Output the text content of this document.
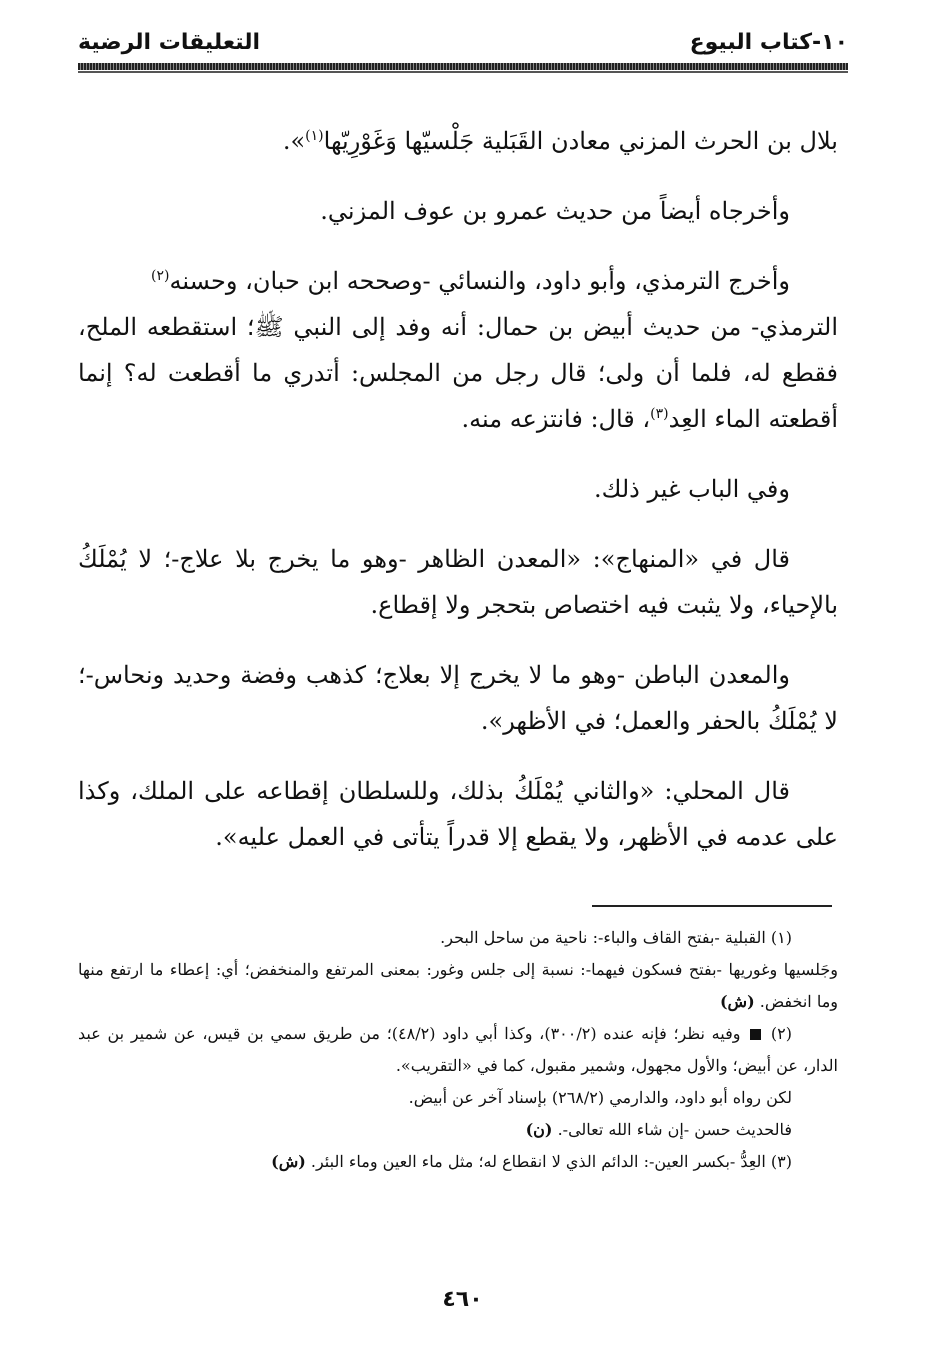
١٠-كتاب البيوع
التعليقات الرضية

بلال بن الحرث المزني معادن القَبَلية جَلْسيّها وَغَوْرِيّها$^{(١)}$».

وأخرجاه أيضاً من حديث عمرو بن عوف المزني.

وأخرج الترمذي، وأبو داود، والنسائي -وصححه ابن حبان، وحسنه$^{(٢)}$

الترمذي- من حديث أبيض بن حمال: أنه وفد إلى النبي ﷺ؛ استقطعه الملح، فقطع له، فلما أن ولى؛ قال رجل من المجلس: أتدري ما أقطعت له؟ إنما أقطعته الماء العِد$^{(٣)}$، قال: فانتزعه منه.

وفي الباب غير ذلك.

قال في «المنهاج»: «المعدن الظاهر -وهو ما يخرج بلا علاج-؛ لا يُمْلَكُ بالإحياء، ولا يثبت فيه اختصاص بتحجر ولا إقطاع.

والمعدن الباطن -وهو ما لا يخرج إلا بعلاج؛ كذهب وفضة وحديد ونحاس-؛ لا يُمْلَكُ بالحفر والعمل؛ في الأظهر».

قال المحلي: «والثاني يُمْلَكُ بذلك، وللسلطان إقطاعه على الملك، وكذا على عدمه في الأظهر، ولا يقطع إلا قدراً يتأتى في العمل عليه».

(١) القبلية -بفتح القاف والباء-: ناحية من ساحل البحر.

وجَلسيها وغوريها -بفتح فسكون فيهما-: نسبة إلى جلس وغور: بمعنى المرتفع والمنخفض؛ أي: إعطاء ما ارتفع منها وما انخفض. (ش)

(٢)  وفيه نظر؛ فإنه عنده (٣٠٠/٢)، وكذا أبي داود (٤٨/٢)؛ من طريق سمي بن قيس، عن شمير بن عبد الدار، عن أبيض؛ والأول مجهول، وشمير مقبول، كما في «التقريب».

لكن رواه أبو داود، والدارمي (٢٦٨/٢) بإسناد آخر عن أبيض.

فالحديث حسن -إن شاء الله تعالى-. (ن)

(٣) العِدُّ -بكسر العين-: الدائم الذي لا انقطاع له؛ مثل ماء العين وماء البئر. (ش)

٤٦٠
